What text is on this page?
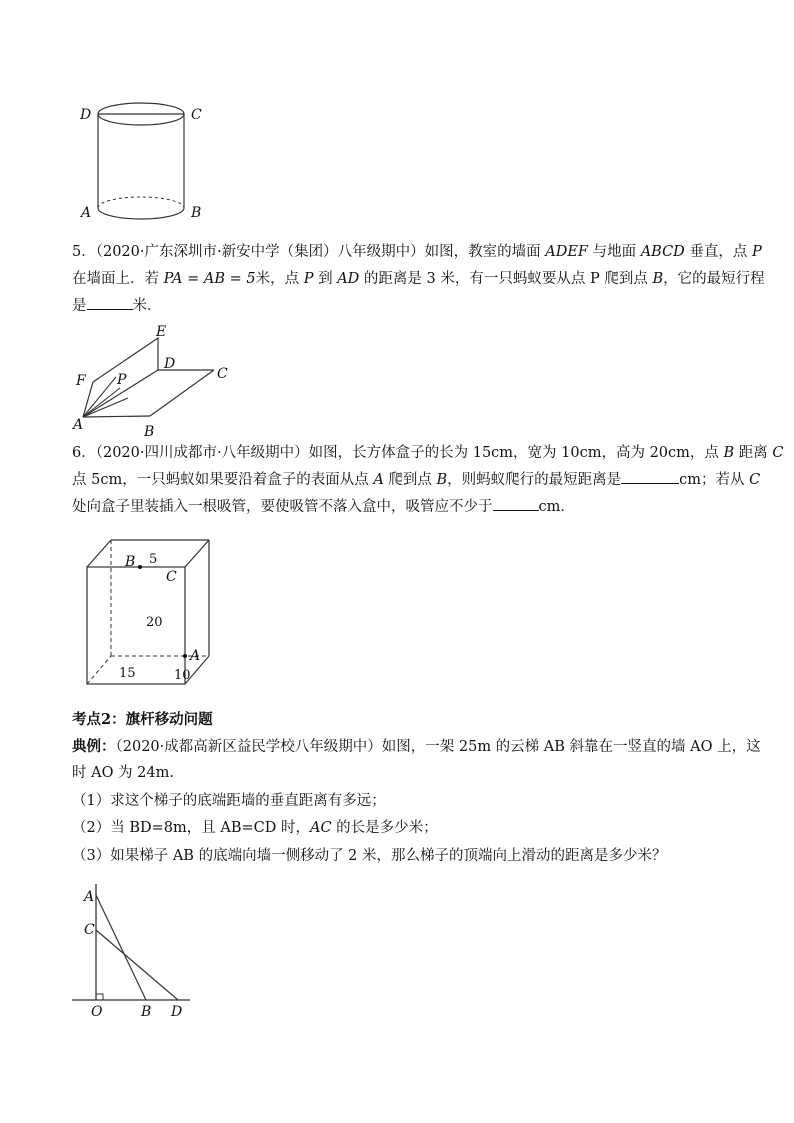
D	C
A	B
5．（2020·广东深圳市·新安中学（集团）八年级期中）如图，教室的墙面 ADEF 与地面 ABCD 垂直，点 P
在墙面上．若 PA = AB = 5米，点 P 到 AD 的距离是 3 米，有一只蚂蚁要从点 P 爬到点 B，它的最短行程
是	米．
E
D
F P	C
A	B
6．（2020·四川成都市·八年级期中）如图，长方体盒子的长为 15cm，宽为 10cm，高为 20cm，点 B 距离 C
点 5cm，一只蚂蚁如果要沿着盒子的表面从点 A 爬到点 B，则蚂蚁爬行的最短距离是	cm；若从 C
处向盒子里装插入一根吸管，要使吸管不落入盒中，吸管应不少于	cm．
B 5
C
20
A
15	10
考点2：旗杆移动问题
典例：（2020·成都高新区益民学校八年级期中）如图，一架 25m 的云梯 AB 斜靠在一竖直的墙 AO 上，这
时 AO 为 24m.
（1）求这个梯子的底端距墙的垂直距离有多远；
（2）当 BD=8m，且 AB=CD 时，AC 的长是多少米；
（3）如果梯子 AB 的底端向墙一侧移动了 2 米，那么梯子的顶端向上滑动的距离是多少米？
A
C
O	B D
